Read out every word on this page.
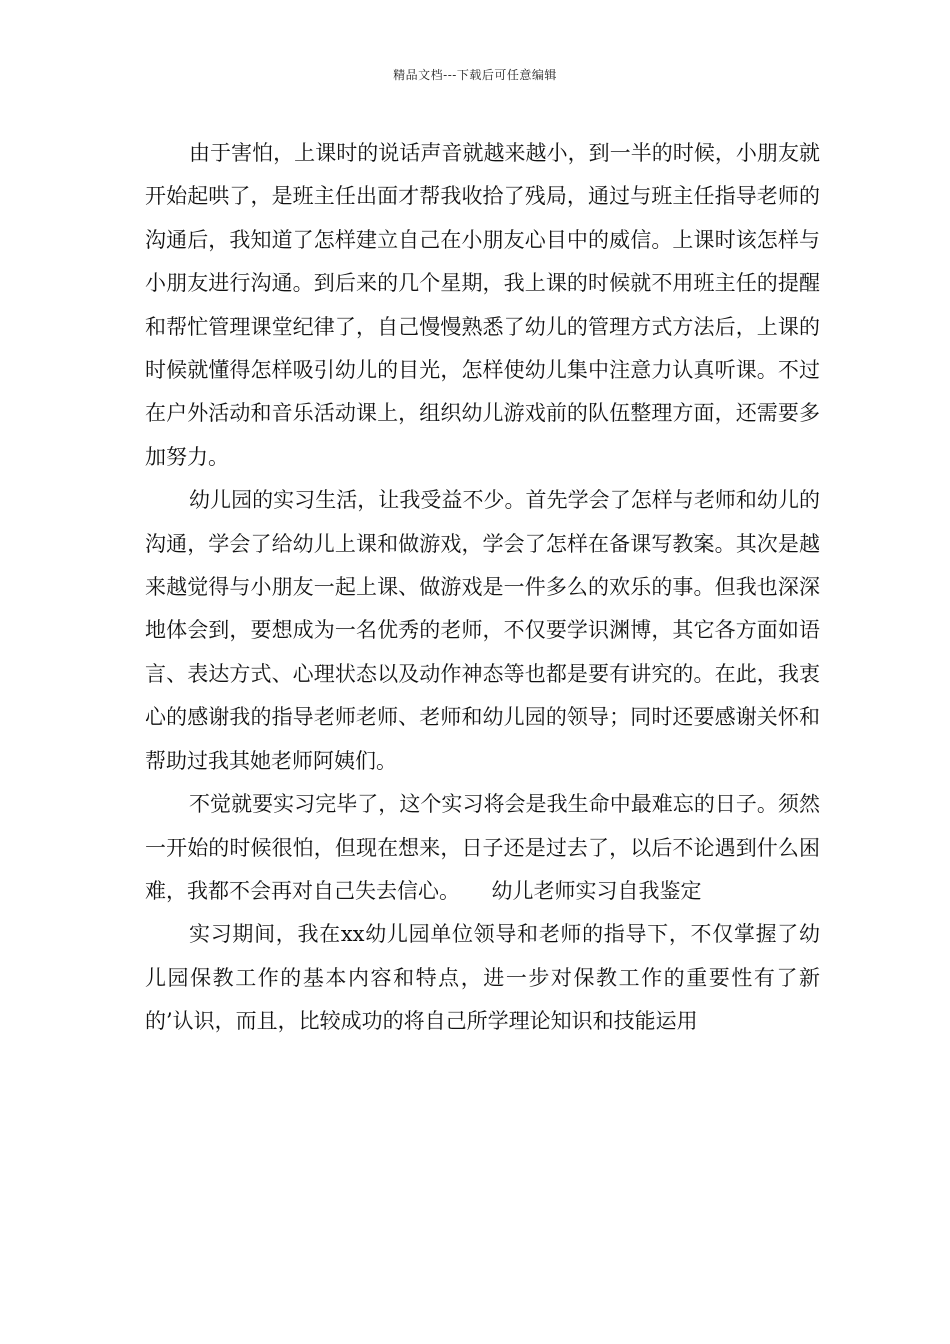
精品文档---下载后可任意编辑

由于害怕，上课时的说话声音就越来越小，到一半的时候，小朋友就开始起哄了，是班主任出面才帮我收拾了残局，通过与班主任指导老师的沟通后，我知道了怎样建立自己在小朋友心目中的威信。上课时该怎样与小朋友进行沟通。到后来的几个星期，我上课的时候就不用班主任的提醒和帮忙管理课堂纪律了，自己慢慢熟悉了幼儿的管理方式方法后，上课的时候就懂得怎样吸引幼儿的目光，怎样使幼儿集中注意力认真听课。不过在户外活动和音乐活动课上，组织幼儿游戏前的队伍整理方面，还需要多加努力。

幼儿园的实习生活，让我受益不少。首先学会了怎样与老师和幼儿的沟通，学会了给幼儿上课和做游戏，学会了怎样在备课写教案。其次是越来越觉得与小朋友一起上课、做游戏是一件多么的欢乐的事。但我也深深地体会到，要想成为一名优秀的老师，不仅要学识渊博，其它各方面如语言、表达方式、心理状态以及动作神态等也都是要有讲究的。在此，我衷心的感谢我的指导老师老师、老师和幼儿园的领导；同时还要感谢关怀和帮助过我其她老师阿姨们。

不觉就要实习完毕了，这个实习将会是我生命中最难忘的日子。须然一开始的时候很怕，但现在想来，日子还是过去了，以后不论遇到什么困难，我都不会再对自己失去信心。　　幼儿老师实习自我鉴定

实习期间，我在xx幼儿园单位领导和老师的指导下，不仅掌握了幼儿园保教工作的基本内容和特点，进一步对保教工作的重要性有了新的’认识，而且，比较成功的将自己所学理论知识和技能运用
